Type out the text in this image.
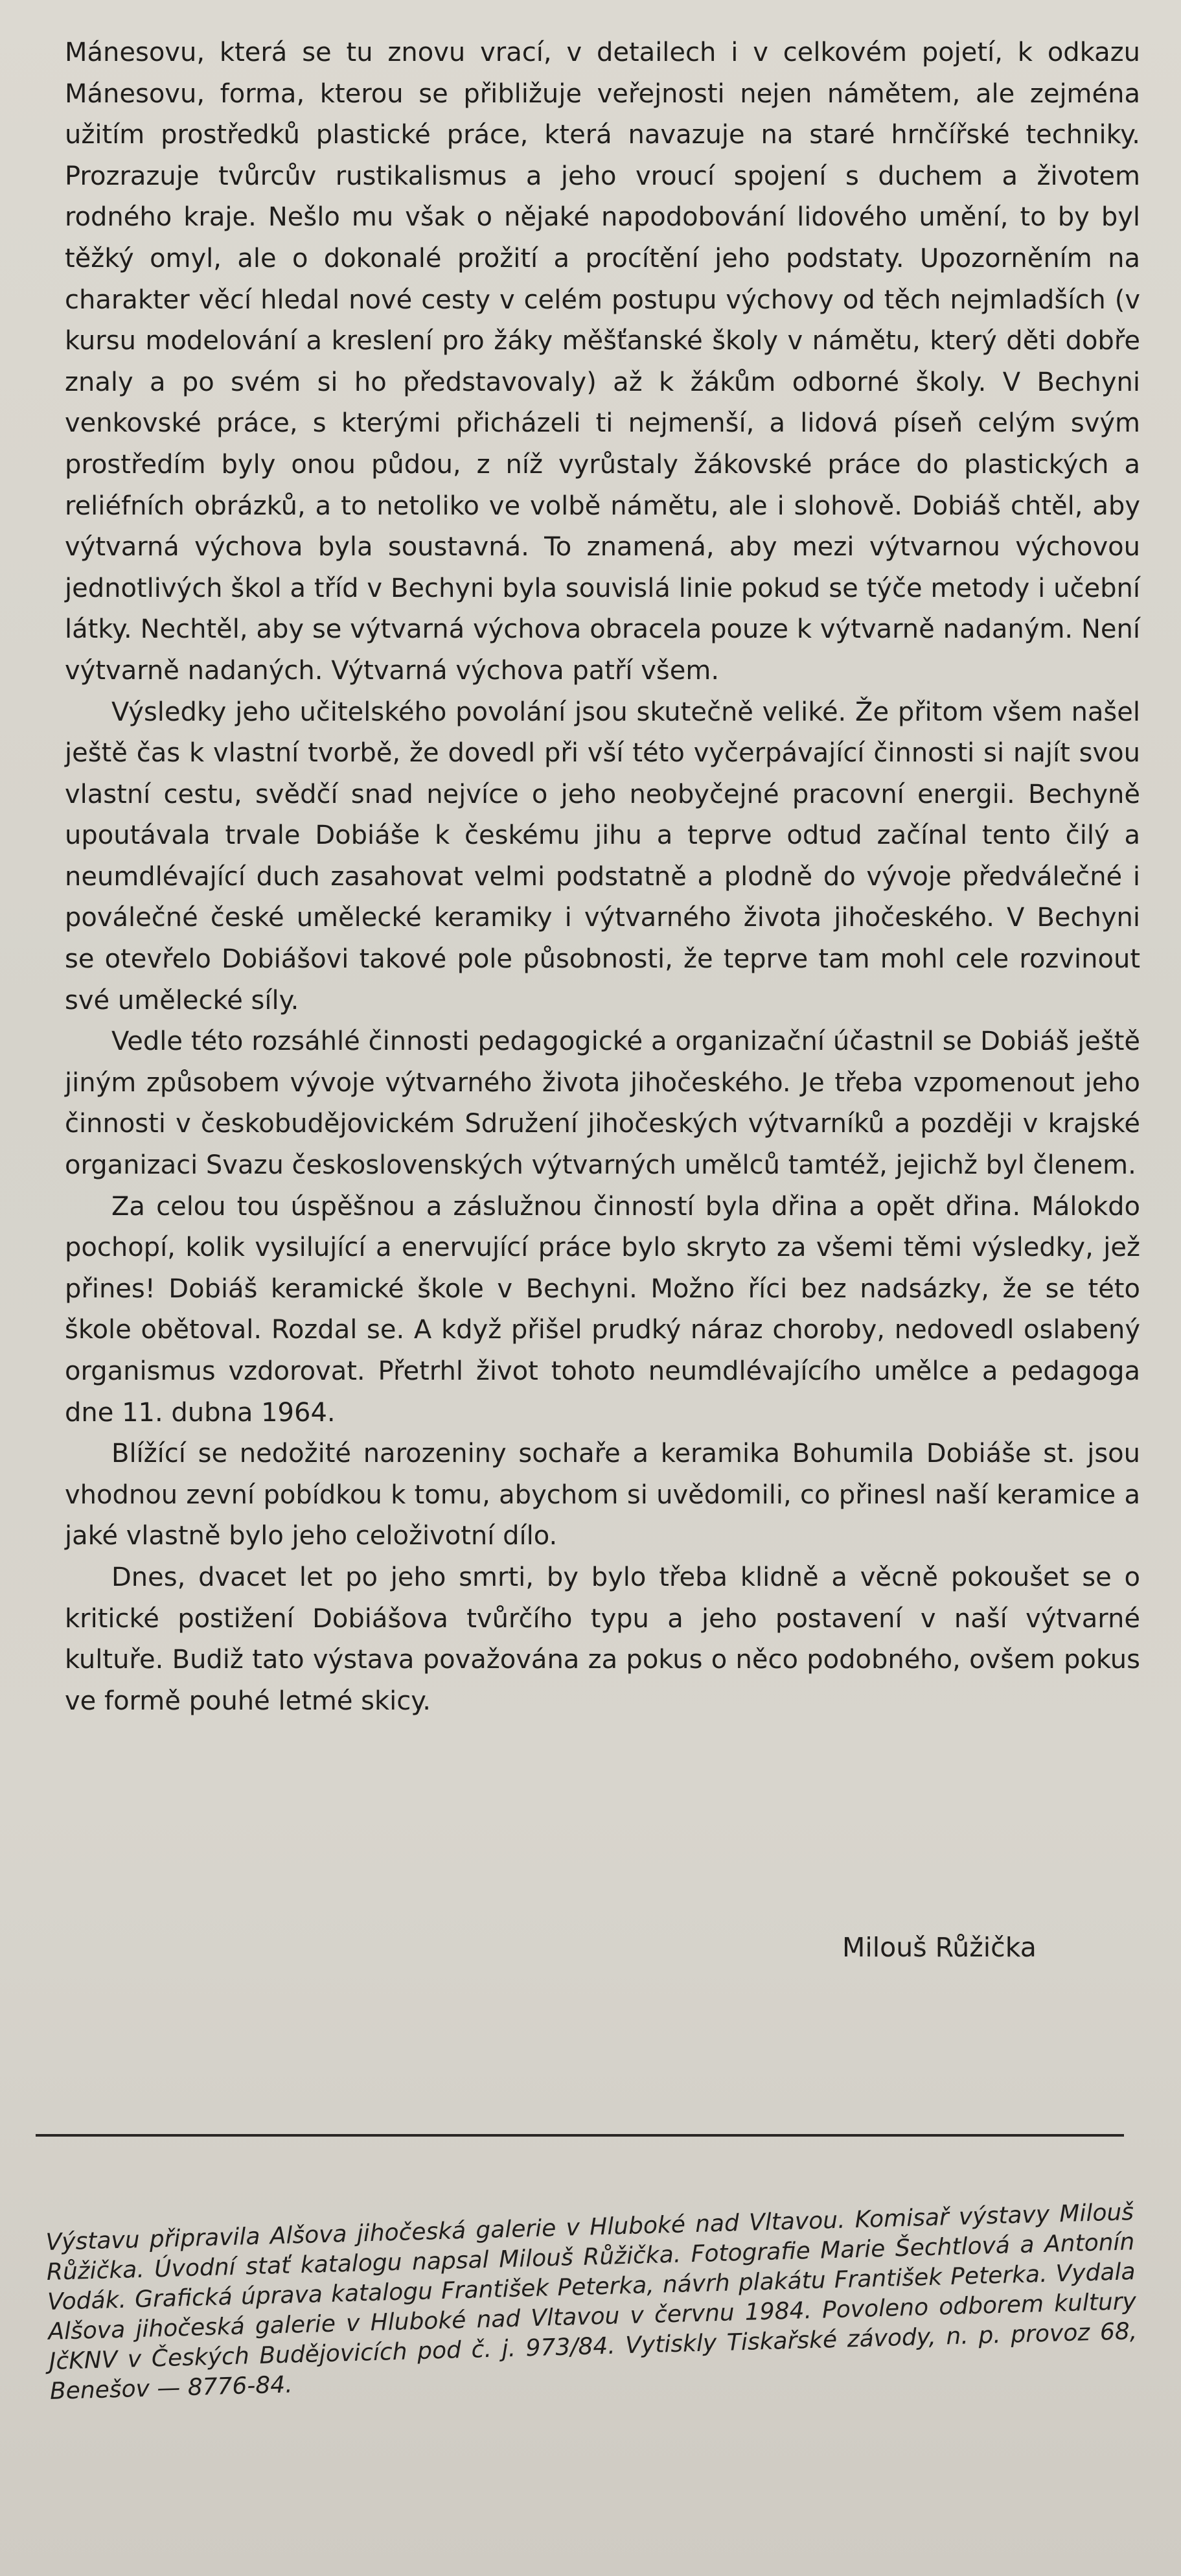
Mánesovu, která se tu znovu vrací, v detailech i v celkovém pojetí, k odkazu Mánesovu, forma, kterou se přibližuje veřejnosti nejen námětem, ale zejména užitím prostředků plastické práce, která navazuje na staré hrnčířské techniky. Prozrazuje tvůrcův rustikalismus a jeho vroucí spojení s duchem a životem rodného kraje. Nešlo mu však o nějaké napodobování lidového umění, to by byl těžký omyl, ale o dokonalé prožití a procítění jeho podstaty. Upozorněním na charakter věcí hledal nové cesty v celém postupu výchovy od těch nejmladších (v kursu modelování a kreslení pro žáky měšťanské školy v námětu, který děti dobře znaly a po svém si ho představovaly) až k žákům odborné školy. V Bechyni venkovské práce, s kterými přicházeli ti nejmenší, a lidová píseň celým svým prostředím byly onou půdou, z níž vyrůstaly žákovské práce do plastických a reliéfních obrázků, a to netoliko ve volbě námětu, ale i slohově. Dobiáš chtěl, aby výtvarná výchova byla soustavná. To znamená, aby mezi výtvarnou výchovou jednotlivých škol a tříd v Bechyni byla souvislá linie pokud se týče metody i učební látky. Nechtěl, aby se výtvarná výchova obracela pouze k výtvarně nadaným. Není výtvarně nadaných. Výtvarná výchova patří všem.

Výsledky jeho učitelského povolání jsou skutečně veliké. Že přitom všem našel ještě čas k vlastní tvorbě, že dovedl při vší této vyčerpávající činnosti si najít svou vlastní cestu, svědčí snad nejvíce o jeho neobyčejné pracovní energii. Bechyně upoutávala trvale Dobiáše k českému jihu a teprve odtud začínal tento čilý a neumdlévající duch zasahovat velmi podstatně a plodně do vývoje předválečné i poválečné české umělecké keramiky i výtvarného života jihočeského. V Bechyni se otevřelo Dobiášovi takové pole působnosti, že teprve tam mohl cele rozvinout své umělecké síly.

Vedle této rozsáhlé činnosti pedagogické a organizační účastnil se Dobiáš ještě jiným způsobem vývoje výtvarného života jihočeského. Je třeba vzpomenout jeho činnosti v českobudějovickém Sdružení jihočeských výtvarníků a později v krajské organizaci Svazu československých výtvarných umělců tamtéž, jejichž byl členem.

Za celou tou úspěšnou a záslužnou činností byla dřina a opět dřina. Málokdo pochopí, kolik vysilující a enervující práce bylo skryto za všemi těmi výsledky, jež přines! Dobiáš keramické škole v Bechyni. Možno říci bez nadsázky, že se této škole obětoval. Rozdal se. A když přišel prudký náraz choroby, nedovedl oslabený organismus vzdorovat. Přetrhl život tohoto neumdlévajícího umělce a pedagoga dne 11. dubna 1964.

Blížící se nedožité narozeniny sochaře a keramika Bohumila Dobiáše st. jsou vhodnou zevní pobídkou k tomu, abychom si uvědomili, co přinesl naší keramice a jaké vlastně bylo jeho celoživotní dílo.

Dnes, dvacet let po jeho smrti, by bylo třeba klidně a věcně pokoušet se o kritické postižení Dobiášova tvůrčího typu a jeho postavení v naší výtvarné kultuře. Budiž tato výstava považována za pokus o něco podobného, ovšem pokus ve formě pouhé letmé skicy.

Milouš Růžička
Výstavu připravila Alšova jihočeská galerie v Hluboké nad Vltavou. Komisař výstavy Milouš Růžička. Úvodní stať katalogu napsal Milouš Růžička. Fotografie Marie Šechtlová a Antonín Vodák. Grafická úprava katalogu František Peterka, návrh plakátu František Peterka. Vydala Alšova jihočeská galerie v Hluboké nad Vltavou v červnu 1984. Povoleno odborem kultury JčKNV v Českých Budějovicích pod č. j. 973/84. Vytiskly Tiskařské závody, n. p. provoz 68, Benešov — 8776-84.
